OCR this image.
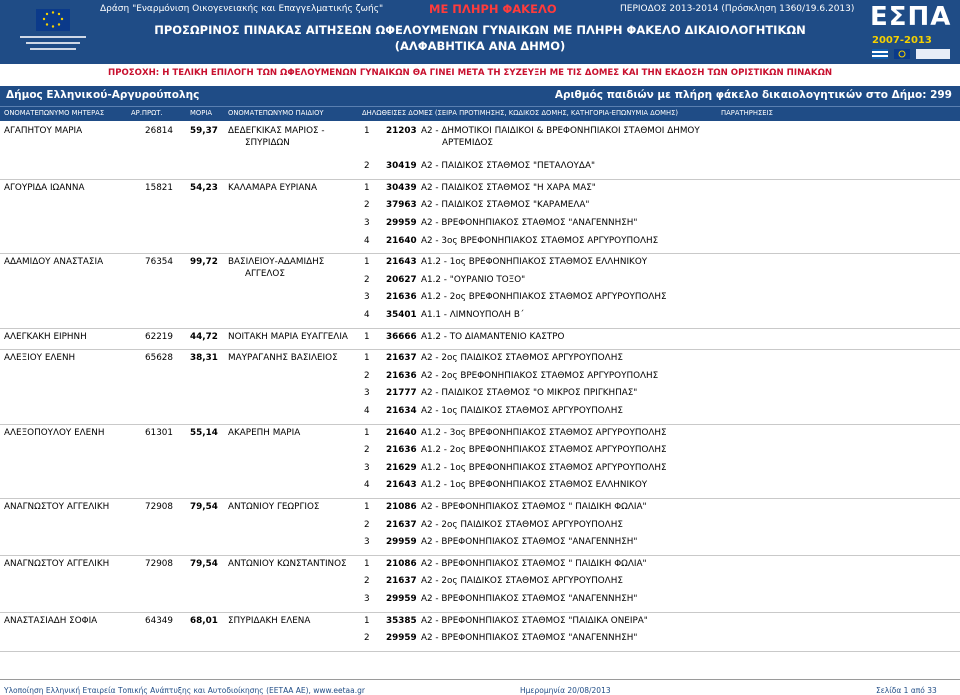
Δράση "Εναρμόνιση Οικογενειακής και Επαγγελματικής ζωής"	ΜΕ ΠΛΗΡΗ ΦΑΚΕΛΟ	ΠΕΡΙΟΔΟΣ 2013-2014 (Πρόσκληση 1360/19.6.2013)
ΠΡΟΣΩΡΙΝΟΣ ΠΙΝΑΚΑΣ ΑΙΤΗΣΕΩΝ ΩΦΕΛΟΥΜΕΝΩΝ ΓΥΝΑΙΚΩΝ ΜΕ ΠΛΗΡΗ ΦΑΚΕΛΟ ΔΙΚΑΙΟΛΟΓΗΤΙΚΩΝ
(ΑΛΦΑΒΗΤΙΚΑ ΑΝΑ ΔΗΜΟ)
ΕΣΠΑ
2007-2013
ΠΡΟΣΟΧΗ: Η ΤΕΛΙΚΗ ΕΠΙΛΟΓΗ ΤΩΝ ΩΦΕΛΟΥΜΕΝΩΝ ΓΥΝΑΙΚΩΝ ΘΑ ΓΙΝΕΙ ΜΕΤΑ ΤΗ ΣΥΖΕΥΞΗ ΜΕ ΤΙΣ ΔΟΜΕΣ ΚΑΙ ΤΗΝ ΕΚΔΟΣΗ ΤΩΝ ΟΡΙΣΤΙΚΩΝ ΠΙΝΑΚΩΝ
Δήμος Ελληνικού-Αργυρούπολης	Αριθμός παιδιών με πλήρη φάκελο δικαιολογητικών στο Δήμο: 299
ΟΝΟΜΑΤΕΠΩΝΥΜΟ ΜΗΤΕΡΑΣ	ΑΡ.ΠΡΩΤ.	ΜΟΡΙΑ ΟΝΟΜΑΤΕΠΩΝΥΜΟ ΠΑΙΔΙΟΥ	ΔΗΛΩΘΕΙΣΕΣ ΔΟΜΕΣ (ΣΕΙΡΑ ΠΡΟΤΙΜΗΣΗΣ, ΚΩΔΙΚΟΣ ΔΟΜΗΣ, ΚΑΤΗΓΟΡΙΑ-ΕΠΩΝΥΜΙΑ ΔΟΜΗΣ)	ΠΑΡΑΤΗΡΗΣΕΙΣ
ΑΓΑΠΗΤΟΥ ΜΑΡΙΑ	26814 59,37 ΔΕΔΕΓΚΙΚΑΣ ΜΑΡΙΟΣ -
ΣΠΥΡΙΔΩΝ
1 21203 Α2 - ΔΗΜΟΤΙΚΟΙ ΠΑΙΔΙΚΟΙ & ΒΡΕΦΟΝΗΠΙΑΚΟΙ ΣΤΑΘΜΟΙ ΔΗΜΟΥ
ΑΡΤΕΜΙΔΟΣ
2 30419 Α2 - ΠΑΙΔΙΚΟΣ ΣΤΑΘΜΟΣ "ΠΕΤΑΛΟΥΔΑ"
ΑΓΟΥΡΙΔΑ ΙΩΑΝΝΑ	15821 54,23 ΚΑΛΑΜΑΡΑ ΕΥΡΙΑΝΑ	1 30439 Α2 - ΠΑΙΔΙΚΟΣ ΣΤΑΘΜΟΣ "Η ΧΑΡΑ ΜΑΣ"
2 37963 Α2 - ΠΑΙΔΙΚΟΣ ΣΤΑΘΜΟΣ "ΚΑΡΑΜΕΛΑ"
3 29959 Α2 - ΒΡΕΦΟΝΗΠΙΑΚΟΣ ΣΤΑΘΜΟΣ "ΑΝΑΓΕΝΝΗΣΗ"
4 21640 Α2 - 3ος ΒΡΕΦΟΝΗΠΙΑΚΟΣ ΣΤΑΘΜΟΣ ΑΡΓΥΡΟΥΠΟΛΗΣ
ΑΔΑΜΙΔΟΥ ΑΝΑΣΤΑΣΙΑ	76354 99,72 ΒΑΣΙΛΕΙΟΥ-ΑΔΑΜΙΔΗΣ
ΑΓΓΕΛΟΣ
1 21643 Α1.2 - 1ος ΒΡΕΦΟΝΗΠΙΑΚΟΣ ΣΤΑΘΜΟΣ ΕΛΛΗΝΙΚΟΥ
2 20627 Α1.2 - "ΟΥΡΑΝΙΟ ΤΟΞΟ"
3 21636 Α1.2 - 2ος ΒΡΕΦΟΝΗΠΙΑΚΟΣ ΣΤΑΘΜΟΣ ΑΡΓΥΡΟΥΠΟΛΗΣ
4 35401 Α1.1 - ΛΙΜΝΟΥΠΟΛΗ Β΄
ΑΛΕΓΚΑΚΗ ΕΙΡΗΝΗ	62219 44,72 ΝΟΙΤΑΚΗ ΜΑΡΙΑ ΕΥΑΓΓΕΛΙΑ 1 36666 Α1.2 - ΤΟ ΔΙΑΜΑΝΤΕΝΙΟ ΚΑΣΤΡΟ
ΑΛΕΞΙΟΥ ΕΛΕΝΗ	65628 38,31 ΜΑΥΡΑΓΑΝΗΣ ΒΑΣΙΛΕΙΟΣ	1 21637 Α2 - 2ος ΠΑΙΔΙΚΟΣ ΣΤΑΘΜΟΣ ΑΡΓΥΡΟΥΠΟΛΗΣ
2 21636 Α2 - 2ος ΒΡΕΦΟΝΗΠΙΑΚΟΣ ΣΤΑΘΜΟΣ ΑΡΓΥΡΟΥΠΟΛΗΣ
3 21777 Α2 - ΠΑΙΔΙΚΟΣ ΣΤΑΘΜΟΣ "Ο ΜΙΚΡΟΣ ΠΡΙΓΚΗΠΑΣ"
4 21634 Α2 - 1ος ΠΑΙΔΙΚΟΣ ΣΤΑΘΜΟΣ ΑΡΓΥΡΟΥΠΟΛΗΣ
ΑΛΕΞΟΠΟΥΛΟΥ ΕΛΕΝΗ	61301 55,14 ΑΚΑΡΕΠΗ ΜΑΡΙΑ	1 21640 Α1.2 - 3ος ΒΡΕΦΟΝΗΠΙΑΚΟΣ ΣΤΑΘΜΟΣ ΑΡΓΥΡΟΥΠΟΛΗΣ
2 21636 Α1.2 - 2ος ΒΡΕΦΟΝΗΠΙΑΚΟΣ ΣΤΑΘΜΟΣ ΑΡΓΥΡΟΥΠΟΛΗΣ
3 21629 Α1.2 - 1ος ΒΡΕΦΟΝΗΠΙΑΚΟΣ ΣΤΑΘΜΟΣ ΑΡΓΥΡΟΥΠΟΛΗΣ
4 21643 Α1.2 - 1ος ΒΡΕΦΟΝΗΠΙΑΚΟΣ ΣΤΑΘΜΟΣ ΕΛΛΗΝΙΚΟΥ
ΑΝΑΓΝΩΣΤΟΥ ΑΓΓΕΛΙΚΗ	72908 79,54 ΑΝΤΩΝΙΟΥ ΓΕΩΡΓΙΟΣ	1 21086 Α2 - ΒΡΕΦΟΝΗΠΙΑΚΟΣ ΣΤΑΘΜΟΣ " ΠΑΙΔΙΚΗ ΦΩΛΙΑ"
2 21637 Α2 - 2ος ΠΑΙΔΙΚΟΣ ΣΤΑΘΜΟΣ ΑΡΓΥΡΟΥΠΟΛΗΣ
3 29959 Α2 - ΒΡΕΦΟΝΗΠΙΑΚΟΣ ΣΤΑΘΜΟΣ "ΑΝΑΓΕΝΝΗΣΗ"
ΑΝΑΓΝΩΣΤΟΥ ΑΓΓΕΛΙΚΗ	72908 79,54 ΑΝΤΩΝΙΟΥ ΚΩΝΣΤΑΝΤΙΝΟΣ 1 21086 Α2 - ΒΡΕΦΟΝΗΠΙΑΚΟΣ ΣΤΑΘΜΟΣ " ΠΑΙΔΙΚΗ ΦΩΛΙΑ"
2 21637 Α2 - 2ος ΠΑΙΔΙΚΟΣ ΣΤΑΘΜΟΣ ΑΡΓΥΡΟΥΠΟΛΗΣ
3 29959 Α2 - ΒΡΕΦΟΝΗΠΙΑΚΟΣ ΣΤΑΘΜΟΣ "ΑΝΑΓΕΝΝΗΣΗ"
ΑΝΑΣΤΑΣΙΑΔΗ ΣΟΦΙΑ	64349 68,01 ΣΠΥΡΙΔΑΚΗ ΕΛΕΝΑ	1 35385 Α2 - ΒΡΕΦΟΝΗΠΙΑΚΟΣ ΣΤΑΘΜΟΣ "ΠΑΙΔΙΚΑ ΟΝΕΙΡΑ"
2 29959 Α2 - ΒΡΕΦΟΝΗΠΙΑΚΟΣ ΣΤΑΘΜΟΣ "ΑΝΑΓΕΝΝΗΣΗ"
Υλοποίηση Ελληνική Εταιρεία Τοπικής Ανάπτυξης και Αυτοδιοίκησης (ΕΕΤΑΑ ΑΕ), www.eetaa.gr	Ημερομηνία 20/08/2013	Σελίδα 1 από 33
